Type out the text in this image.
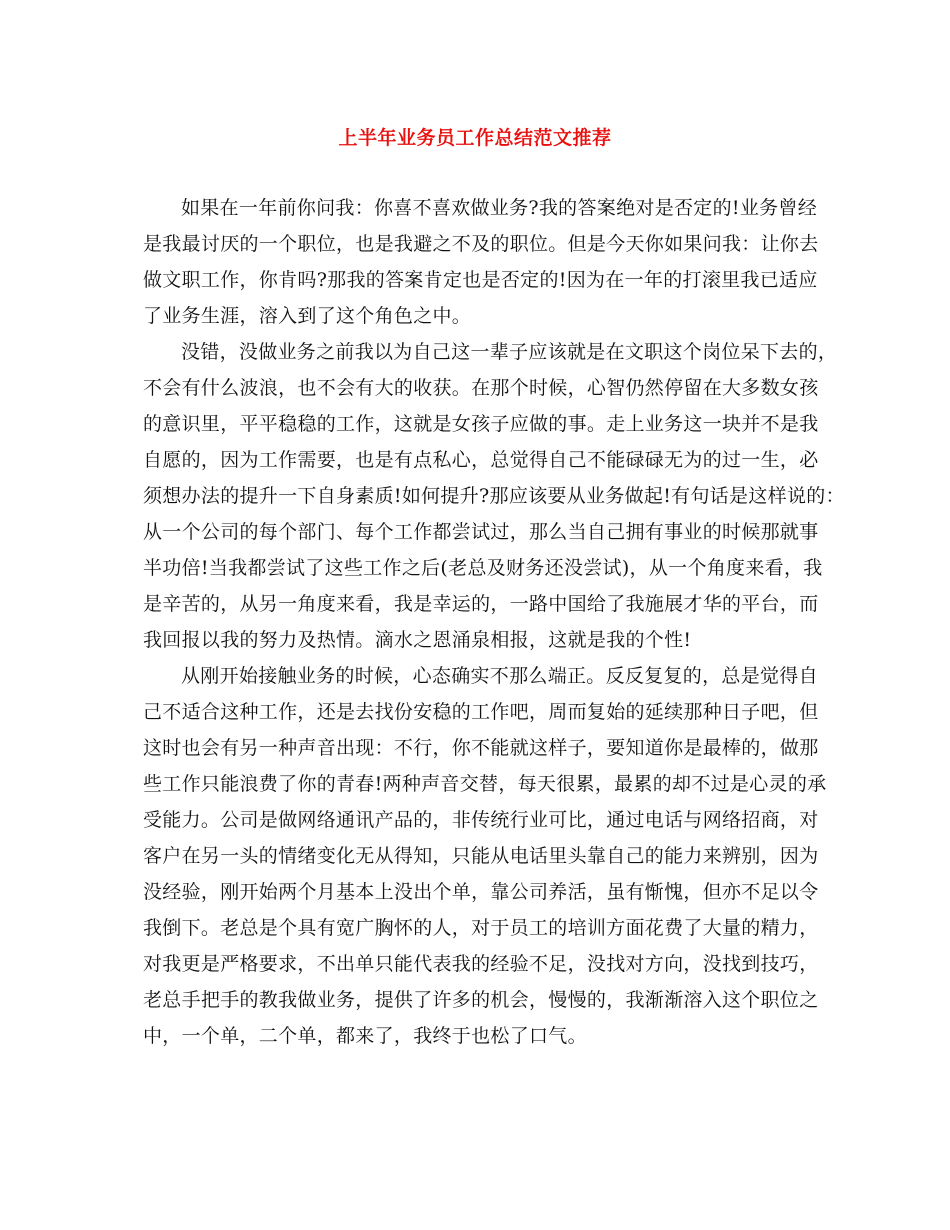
上半年业务员工作总结范文推荐
如果在一年前你问我：你喜不喜欢做业务?我的答案绝对是否定的!业务曾经
是我最讨厌的一个职位，也是我避之不及的职位。但是今天你如果问我：让你去
做文职工作，你肯吗?那我的答案肯定也是否定的!因为在一年的打滚里我已适应
了业务生涯，溶入到了这个角色之中。
没错，没做业务之前我以为自己这一辈子应该就是在文职这个岗位呆下去的，
不会有什么波浪，也不会有大的收获。在那个时候，心智仍然停留在大多数女孩
的意识里，平平稳稳的工作，这就是女孩子应做的事。走上业务这一块并不是我
自愿的，因为工作需要，也是有点私心，总觉得自己不能碌碌无为的过一生，必
须想办法的提升一下自身素质!如何提升?那应该要从业务做起!有句话是这样说的：
从一个公司的每个部门、每个工作都尝试过，那么当自己拥有事业的时候那就事
半功倍!当我都尝试了这些工作之后(老总及财务还没尝试)，从一个角度来看，我
是辛苦的，从另一角度来看，我是幸运的，一路中国给了我施展才华的平台，而
我回报以我的努力及热情。滴水之恩涌泉相报，这就是我的个性!
从刚开始接触业务的时候，心态确实不那么端正。反反复复的，总是觉得自
己不适合这种工作，还是去找份安稳的工作吧，周而复始的延续那种日子吧，但
这时也会有另一种声音出现：不行，你不能就这样子，要知道你是最棒的，做那
些工作只能浪费了你的青春!两种声音交替，每天很累，最累的却不过是心灵的承
受能力。公司是做网络通讯产品的，非传统行业可比，通过电话与网络招商，对
客户在另一头的情绪变化无从得知，只能从电话里头靠自己的能力来辨别，因为
没经验，刚开始两个月基本上没出个单，靠公司养活，虽有惭愧，但亦不足以令
我倒下。老总是个具有宽广胸怀的人，对于员工的培训方面花费了大量的精力，
对我更是严格要求，不出单只能代表我的经验不足，没找对方向，没找到技巧，
老总手把手的教我做业务，提供了许多的机会，慢慢的，我渐渐溶入这个职位之
中，一个单，二个单，都来了，我终于也松了口气。
